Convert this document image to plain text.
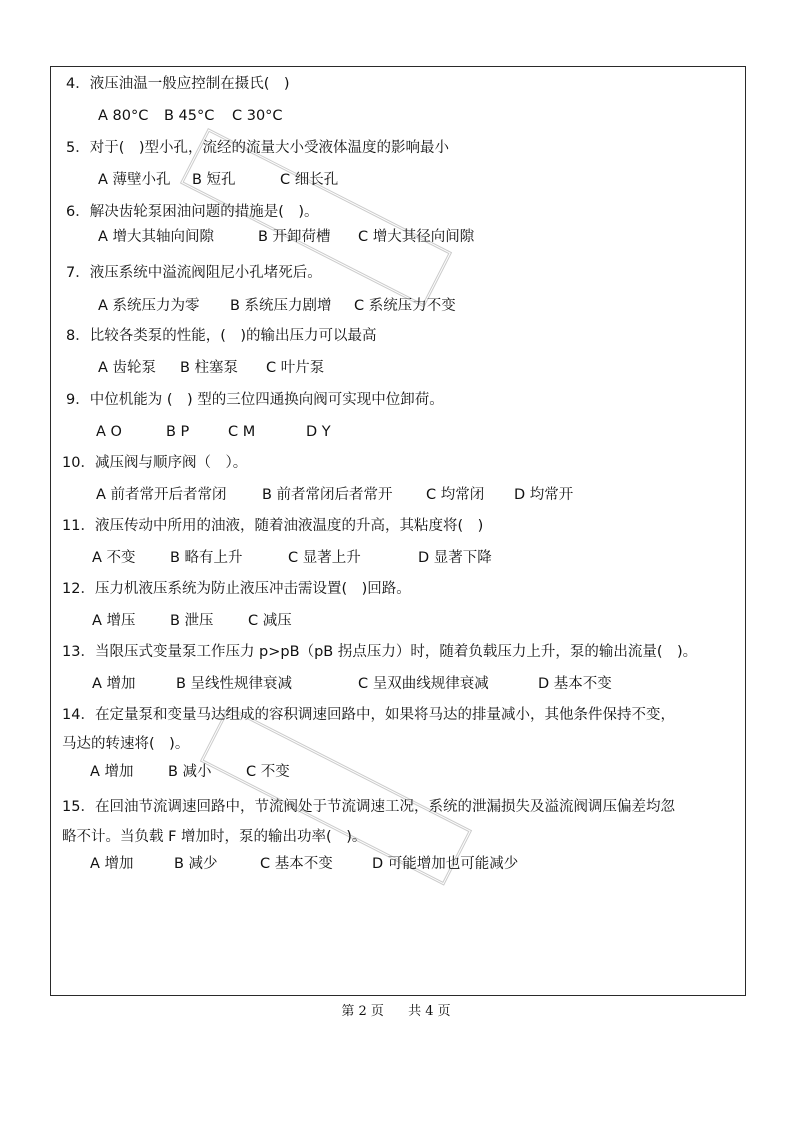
4．液压油温一般应控制在摄氏(　)
A 80°C B 45°C C 30°C
5．对于(　)型小孔，流经的流量大小受液体温度的影响最小
A 薄壁小孔 B 短孔	C 细长孔
6．解决齿轮泵困油问题的措施是(　)。
A 增大其轴向间隙	B 开卸荷槽 C 增大其径向间隙
7．液压系统中溢流阀阻尼小孔堵死后。
A 系统压力为零 B 系统压力剧增 C 系统压力不变
8．比较各类泵的性能，(　)的输出压力可以最高
A 齿轮泵 B 柱塞泵 C 叶片泵
9．中位机能为 (　) 型的三位四通换向阀可实现中位卸荷。
A O	B P	C M	D Y
10．减压阀与顺序阀（　）。
A 前者常开后者常闭 B 前者常闭后者常开 C 均常闭 D 均常开
11．液压传动中所用的油液，随着油液温度的升高，其粘度将(　)
A 不变 B 略有上升	C 显著上升	D 显著下降
12．压力机液压系统为防止液压冲击需设置(　)回路。
A 增压 B 泄压 C 减压
13．当限压式变量泵工作压力 p>pB（pB 拐点压力）时，随着负载压力上升，泵的输出流量(　)。
A 增加	B 呈线性规律衰减	C 呈双曲线规律衰减	D 基本不变
14．在定量泵和变量马达组成的容积调速回路中，如果将马达的排量减小，其他条件保持不变，
马达的转速将(　)。
A 增加 B 减小 C 不变
15．在回油节流调速回路中，节流阀处于节流调速工况，系统的泄漏损失及溢流阀调压偏差均忽
略不计。当负载 F 增加时，泵的输出功率(　)。
A 增加	B 减少	C 基本不变	D 可能增加也可能减少
第 2 页 共 4 页
